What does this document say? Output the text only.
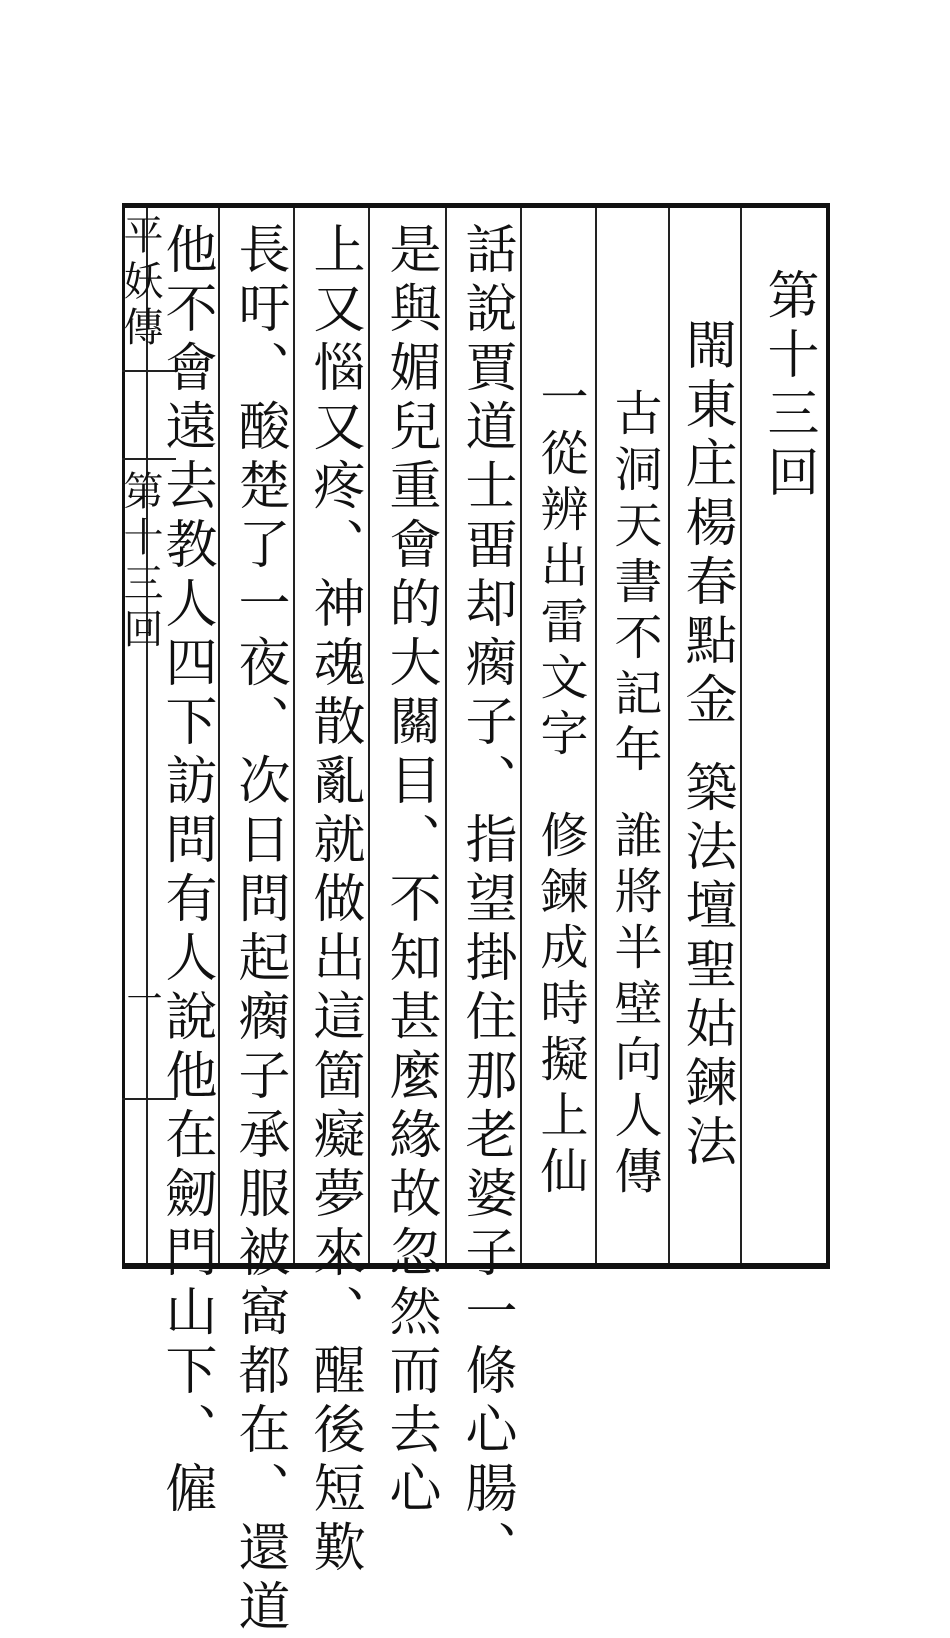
第十三回
閙東庄楊春點金
築法壇聖姑鍊法
古洞天書不記年
誰將半壁向人傳
一從辨出雷文字
修鍊成時擬上仙
話說賈道士畱却瘸子、指望掛住那老婆子一條心腸、
是與媚兒重會的大關目、不知甚麼緣故忽然而去心
上又惱又疼、神魂散亂就做出這箇癡夢來、醒後短歎
長吁、酸楚了一夜、次日問起瘸子承服被窩都在、還道
他不會遠去教人四下訪問有人說他在劒門山下、僱
平妖傳
第十三回
一
